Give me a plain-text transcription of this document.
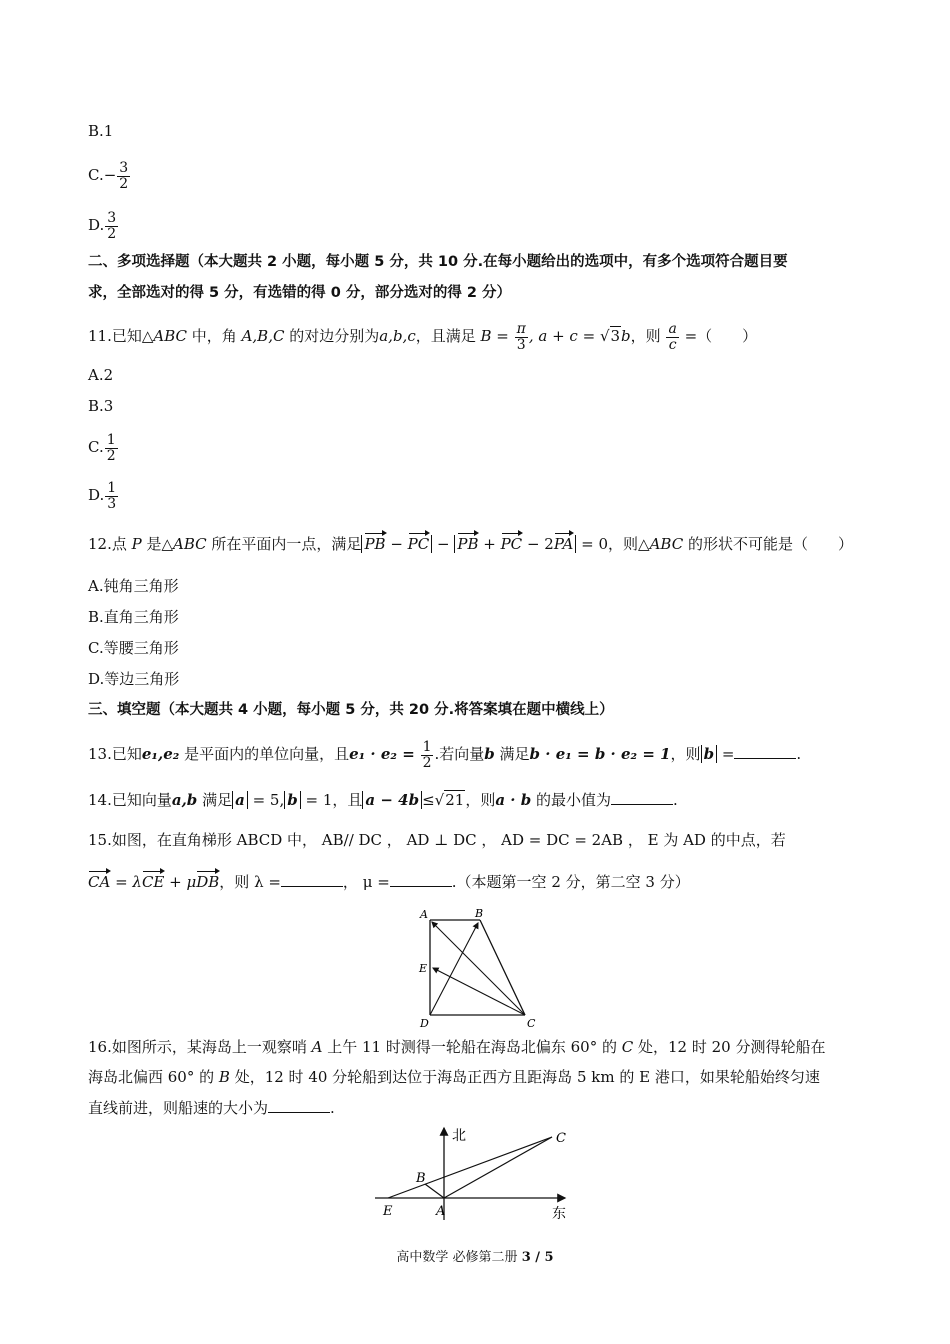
B.1
$C.- \frac{3}{2}$
D. $\frac{3}{2}$
二、多项选择题（本大题共 2 小题，每小题 5 分，共 10 分.在每小题给出的选项中，有多个选项符合题目要
求，全部选对的得 5 分，有选错的得 0 分，部分选对的得 2 分）
11.已知△ABC 中，角 A,B,C 的对边分别为a,b,c，且满足 $B = \frac{\pi}{3}$ , a + c = √3b，则 $\frac{a}{c}$ =（　　）
A.2
B.3
C. $\frac{1}{2}$
D. $\frac{1}{3}$
12.点 P 是△ABC 所在平面内一点，满足 PB − PC − PB + PC − 2PA = 0，则△ABC 的形状不可能是（　　）
A.钝角三角形
B.直角三角形
C.等腰三角形
D.等边三角形
三、填空题（本大题共 4 小题，每小题 5 分，共 20 分.将答案填在题中横线上）
13.已知e₁,e₂ 是平面内的单位向量，且$e_1 \cdot e_2 = \frac{1}{2}$ .若向量b 满足b · e₁ = b · e₂ = 1，则 b =	.
14.已知向量a,b 满足 a = 5, b = 1，且 a − 4b ≤√21，则a · b 的最小值为	.
15.如图，在直角梯形 ABCD 中， AB// DC ， AD ⊥ DC ， AD = DC = 2AB ， E 为 AD 的中点，若
CA = λCE + μDB，则 λ =	， μ =	.（本题第一空 2 分，第二空 3 分）
A	B
E
D	C
16.如图所示，某海岛上一观察哨 A 上午 11 时测得一轮船在海岛北偏东 60° 的 C 处，12 时 20 分测得轮船在
海岛北偏西 60° 的 B 处，12 时 40 分轮船到达位于海岛正西方且距海岛 5 km 的 E 港口，如果轮船始终匀速
直线前进，则船速的大小为	.
北
东
C
B
E	A
高中数学 必修第二册 3 / 5
